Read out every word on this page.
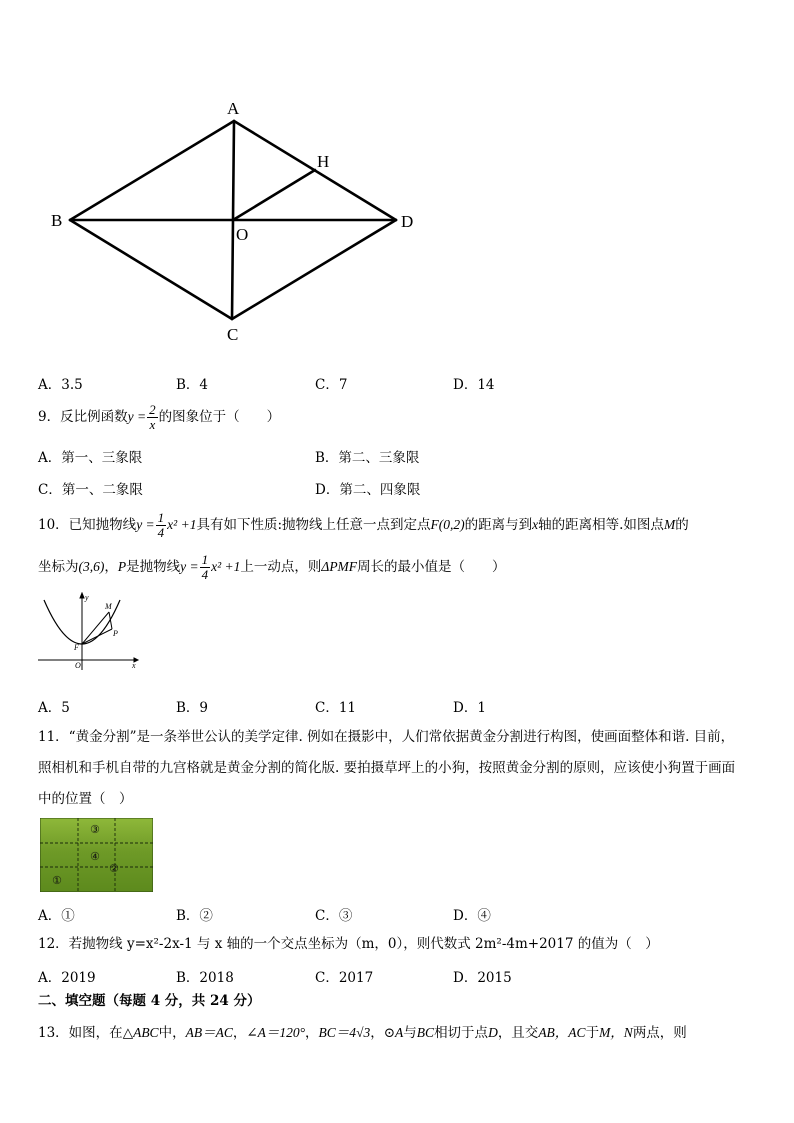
A
B
C
D
H
O
A．3.5	B．4	C．7	D．14
9．反比例函数$y = \frac{2}{x}$ 的图象位于（　　）
A．第一、三象限	B．第二、三象限
C．第一、二象限	D．第二、四象限
10．已知抛物线$y = \frac{1}{4} x^2 +1$具有如下性质:抛物线上任意一点到定点F(0,2)的距离与到x轴的距离相等.如图点M的
坐标为(3,6)，P是抛物线$y = \frac{1}{4} x^2 +1$上一动点，则ΔPMF周长的最小值是（　　）
y
x
M
P
F
O
A．5	B．9	C．11	D．1
11．“黄金分割”是一条举世公认的美学定律. 例如在摄影中，人们常依据黄金分割进行构图，使画面整体和谐. 目前，
照相机和手机自带的九宫格就是黄金分割的简化版. 要拍摄草坪上的小狗，按照黄金分割的原则，应该使小狗置于画面
中的位置（　）
③
④
②
①
A．①	B．②	C．③	D．④
12．若抛物线 y=x²-2x-1 与 x 轴的一个交点坐标为（m，0），则代数式 2m²-4m+2017 的值为（　）
A．2019	B．2018	C．2017	D．2015
二、填空题（每题 4 分，共 24 分）
13．如图，在△ABC中，AB＝AC，∠A＝120°，BC＝4√3，⊙A与BC相切于点D，且交AB，AC于M，N两点，则
